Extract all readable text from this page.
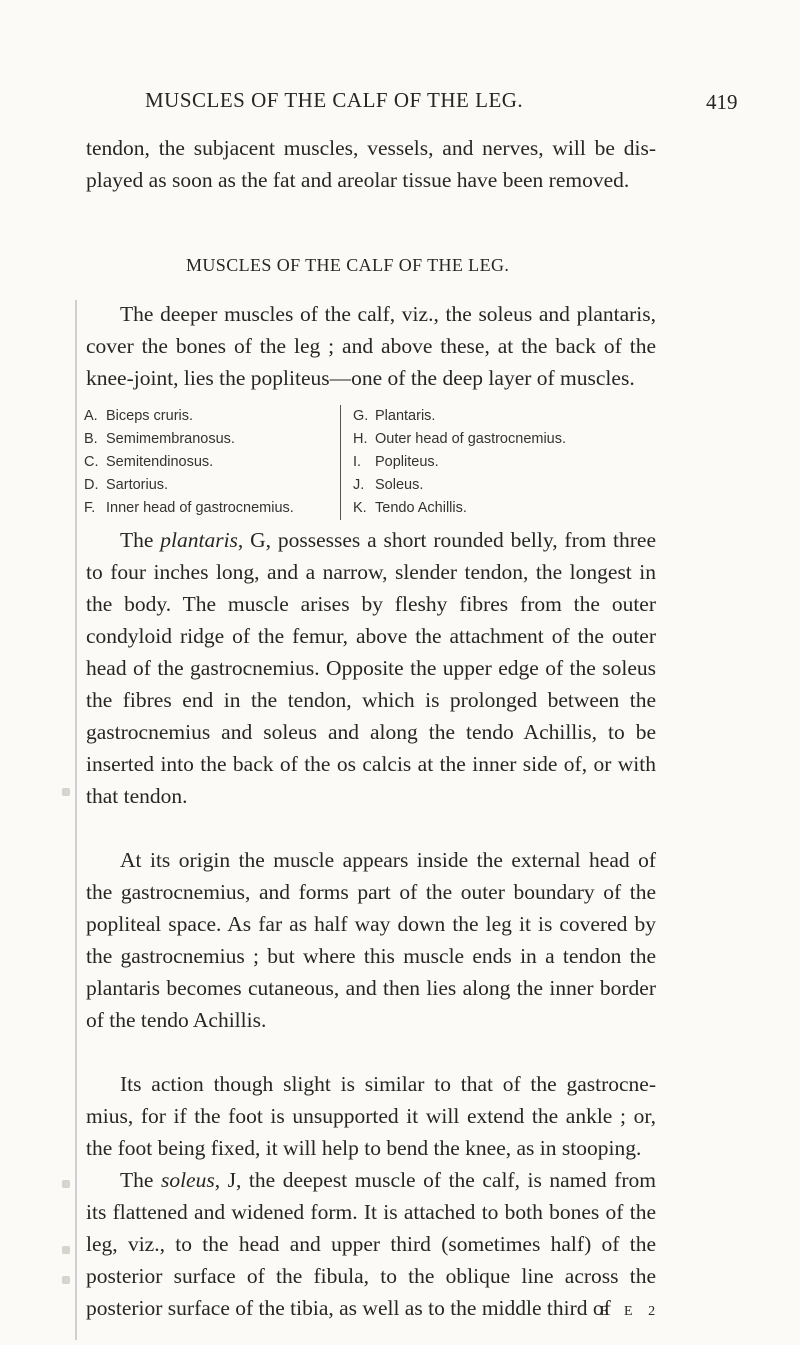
MUSCLES OF THE CALF OF THE LEG.	419

tendon, the subjacent muscles, vessels, and nerves, will be dis- played as soon as the fat and areolar tissue have been removed.

MUSCLES OF THE CALF OF THE LEG.

The deeper muscles of the calf, viz., the soleus and plantaris, cover the bones of the leg ; and above these, at the back of the knee-joint, lies the popliteus—one of the deep layer of muscles.

A. Biceps cruris.
B. Semimembranosus.
C. Semitendinosus.
D. Sartorius.
F. Inner head of gastrocnemius.
G. Plantaris.
H. Outer head of gastrocnemius.
I. Popliteus.
J. Soleus.
K. Tendo Achillis.

The plantaris, G, possesses a short rounded belly, from three to four inches long, and a narrow, slender tendon, the longest in the body. The muscle arises by fleshy fibres from the outer condyloid ridge of the femur, above the attachment of the outer head of the gastrocnemius. Opposite the upper edge of the soleus the fibres end in the tendon, which is prolonged between the gastrocnemius and soleus and along the tendo Achillis, to be inserted into the back of the os calcis at the inner side of, or with that tendon.

At its origin the muscle appears inside the external head of the gastrocnemius, and forms part of the outer boundary of the popliteal space. As far as half way down the leg it is covered by the gastrocnemius ; but where this muscle ends in a tendon the plantaris becomes cutaneous, and then lies along the inner border of the tendo Achillis.

Its action though slight is similar to that of the gastrocne- mius, for if the foot is unsupported it will extend the ankle ; or, the foot being fixed, it will help to bend the knee, as in stooping.

The soleus, J, the deepest muscle of the calf, is named from its flattened and widened form. It is attached to both bones of the leg, viz., to the head and upper third (sometimes half) of the posterior surface of the fibula, to the oblique line across the posterior surface of the tibia, as well as to the middle third of

E E 2
